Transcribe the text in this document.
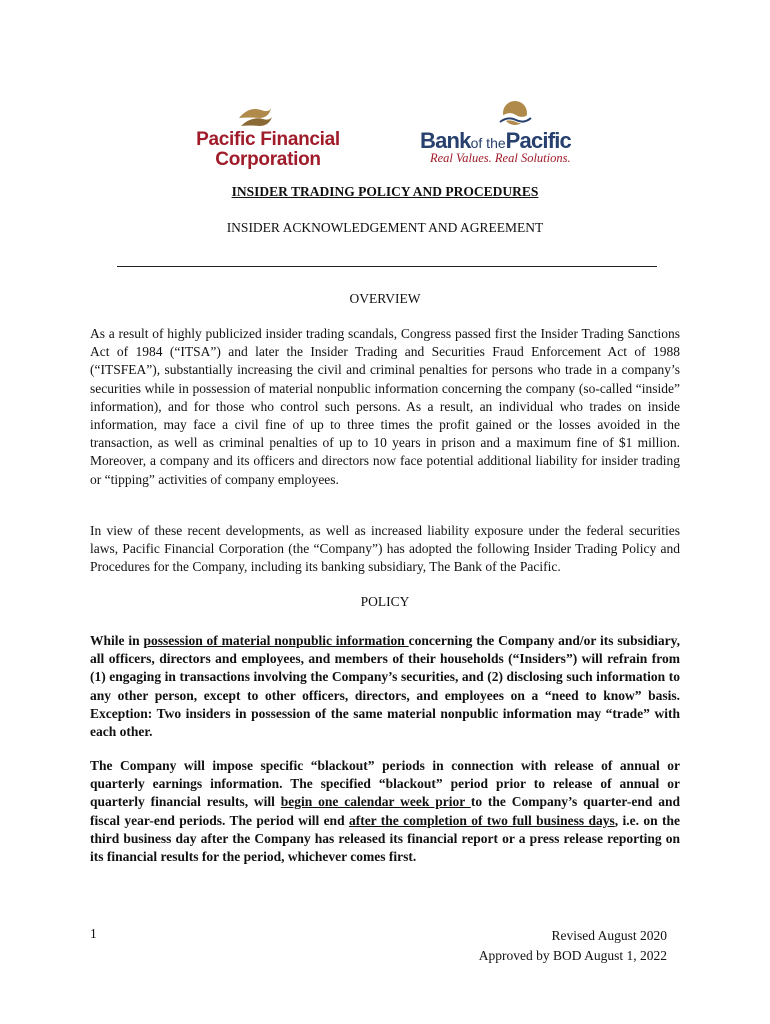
Pacific Financial
Corporation
Bankof thePacific
Real Values. Real Solutions.
INSIDER TRADING POLICY AND PROCEDURES
INSIDER ACKNOWLEDGEMENT AND AGREEMENT
OVERVIEW

As a result of highly publicized insider trading scandals, Congress passed first the Insider Trading Sanctions Act of 1984 (“ITSA”) and later the Insider Trading and Securities Fraud Enforcement Act of 1988 (“ITSFEA”), substantially increasing the civil and criminal penalties for persons who trade in a company’s securities while in possession of material nonpublic information concerning the company (so-called “inside” information), and for those who control such persons. As a result, an individual who trades on inside information, may face a civil fine of up to three times the profit gained or the losses avoided in the transaction, as well as criminal penalties of up to 10 years in prison and a maximum fine of $1 million. Moreover, a company and its officers and directors now face potential additional liability for insider trading or “tipping” activities of company employees.

In view of these recent developments, as well as increased liability exposure under the federal securities laws, Pacific Financial Corporation (the “Company”) has adopted the following Insider Trading Policy and Procedures for the Company, including its banking subsidiary, The Bank of the Pacific.

POLICY

While in possession of material nonpublic information concerning the Company and/or its subsidiary, all officers, directors and employees, and members of their households (“Insiders”) will refrain from (1) engaging in transactions involving the Company’s securities, and (2) disclosing such information to any other person, except to other officers, directors, and employees on a “need to know” basis. Exception: Two insiders in possession of the same material nonpublic information may “trade” with each other.

The Company will impose specific “blackout” periods in connection with release of annual or quarterly earnings information. The specified “blackout” period prior to release of annual or quarterly financial results, will begin one calendar week prior to the Company’s quarter-end and fiscal year-end periods. The period will end after the completion of two full business days, i.e. on the third business day after the Company has released its financial report or a press release reporting on its financial results for the period, whichever comes first.

1	Revised August 2020
Approved by BOD August 1, 2022
